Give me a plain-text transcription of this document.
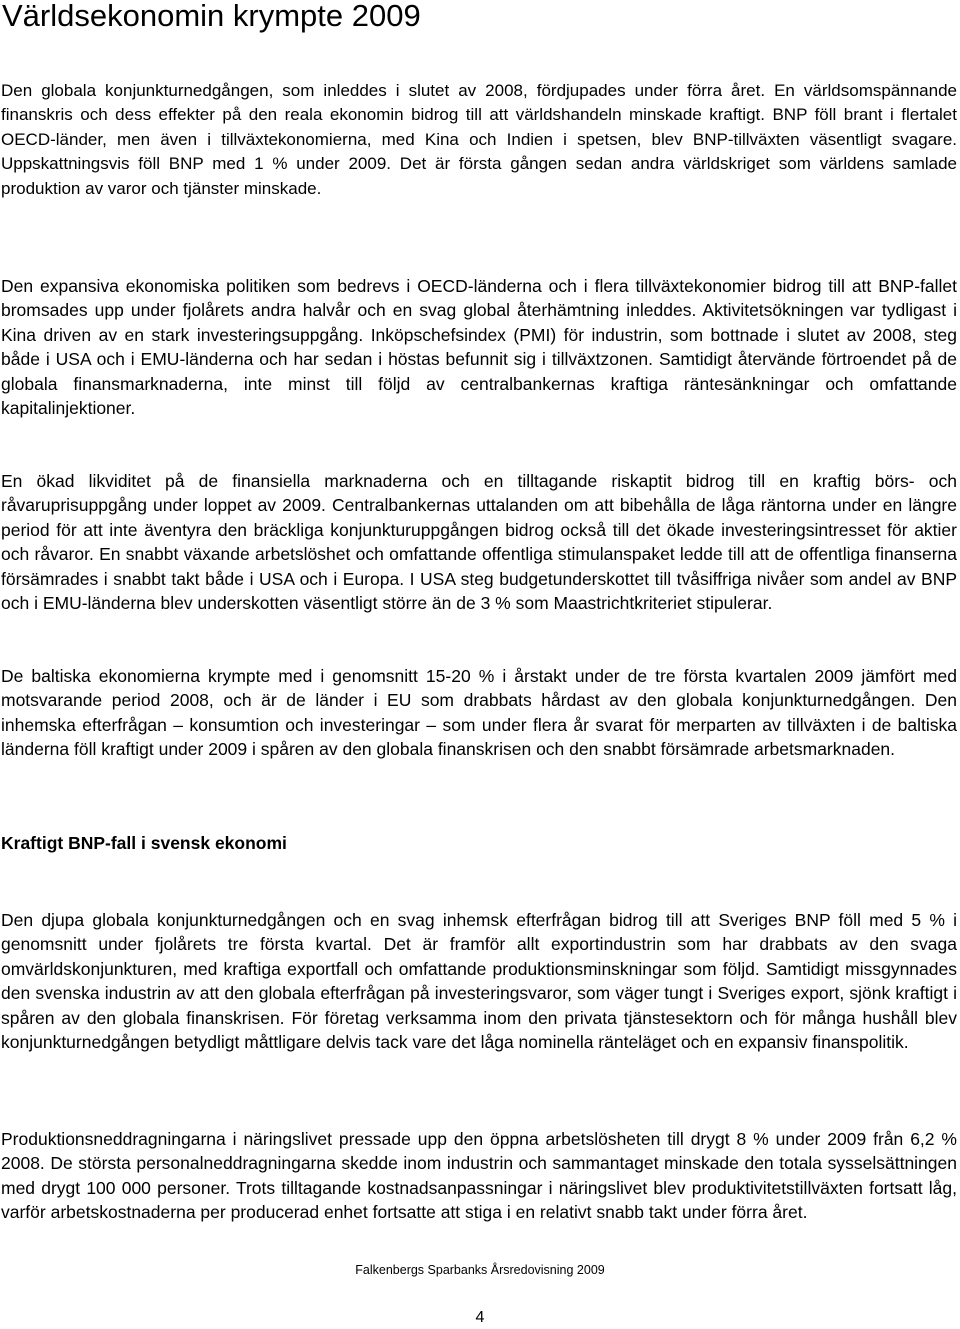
Världsekonomin krympte 2009

Den globala konjunkturnedgången, som inleddes i slutet av 2008, fördjupades under förra året. En världsomspännande finanskris och dess effekter på den reala ekonomin bidrog till att världshandeln minskade kraftigt. BNP föll brant i flertalet OECD-länder, men även i tillväxtekonomierna, med Kina och Indien i spetsen, blev BNP-tillväxten väsentligt svagare. Uppskattningsvis föll BNP med 1 % under 2009. Det är första gången sedan andra världskriget som världens samlade produktion av varor och tjänster minskade.

Den expansiva ekonomiska politiken som bedrevs i OECD-länderna och i flera tillväxtekonomier bidrog till att BNP-fallet bromsades upp under fjolårets andra halvår och en svag global återhämtning inleddes. Aktivitetsökningen var tydligast i Kina driven av en stark investeringsuppgång. Inköpschefsindex (PMI) för industrin, som bottnade i slutet av 2008, steg både i USA och i EMU-länderna och har sedan i höstas befunnit sig i tillväxtzonen. Samtidigt återvände förtroendet på de globala finansmarknaderna, inte minst till följd av centralbankernas kraftiga räntesänkningar och omfattande kapitalinjektioner.

En ökad likviditet på de finansiella marknaderna och en tilltagande riskaptit bidrog till en kraftig börs- och råvaruprisuppgång under loppet av 2009. Centralbankernas uttalanden om att bibehålla de låga räntorna under en längre period för att inte äventyra den bräckliga konjunkturuppgången bidrog också till det ökade investeringsintresset för aktier och råvaror. En snabbt växande arbetslöshet och omfattande offentliga stimulanspaket ledde till att de offentliga finanserna försämrades i snabbt takt både i USA och i Europa. I USA steg budgetunderskottet till tvåsiffriga nivåer som andel av BNP och i EMU-länderna blev underskotten väsentligt större än de 3 % som Maastrichtkriteriet stipulerar.

De baltiska ekonomierna krympte med i genomsnitt 15-20 % i årstakt under de tre första kvartalen 2009 jämfört med motsvarande period 2008, och är de länder i EU som drabbats hårdast av den globala konjunkturnedgången. Den inhemska efterfrågan – konsumtion och investeringar – som under flera år svarat för merparten av tillväxten i de baltiska länderna föll kraftigt under 2009 i spåren av den globala finanskrisen och den snabbt försämrade arbetsmarknaden.

Kraftigt BNP-fall i svensk ekonomi

Den djupa globala konjunkturnedgången och en svag inhemsk efterfrågan bidrog till att Sveriges BNP föll med 5 % i genomsnitt under fjolårets tre första kvartal. Det är framför allt exportindustrin som har drabbats av den svaga omvärldskonjunkturen, med kraftiga exportfall och omfattande produktionsminskningar som följd. Samtidigt missgynnades den svenska industrin av att den globala efterfrågan på investeringsvaror, som väger tungt i Sveriges export, sjönk kraftigt i spåren av den globala finanskrisen. För företag verksamma inom den privata tjänstesektorn och för många hushåll blev konjunkturnedgången betydligt måttligare delvis tack vare det låga nominella ränteläget och en expansiv finanspolitik.

Produktionsneddragningarna i näringslivet pressade upp den öppna arbetslösheten till drygt 8 % under 2009 från 6,2 % 2008. De största personalneddragningarna skedde inom industrin och sammantaget minskade den totala sysselsättningen med drygt 100 000 personer. Trots tilltagande kostnadsanpassningar i näringslivet blev produktivitetstillväxten fortsatt låg, varför arbetskostnaderna per producerad enhet fortsatte att stiga i en relativt snabb takt under förra året.

Falkenbergs Sparbanks Årsredovisning 2009

4
